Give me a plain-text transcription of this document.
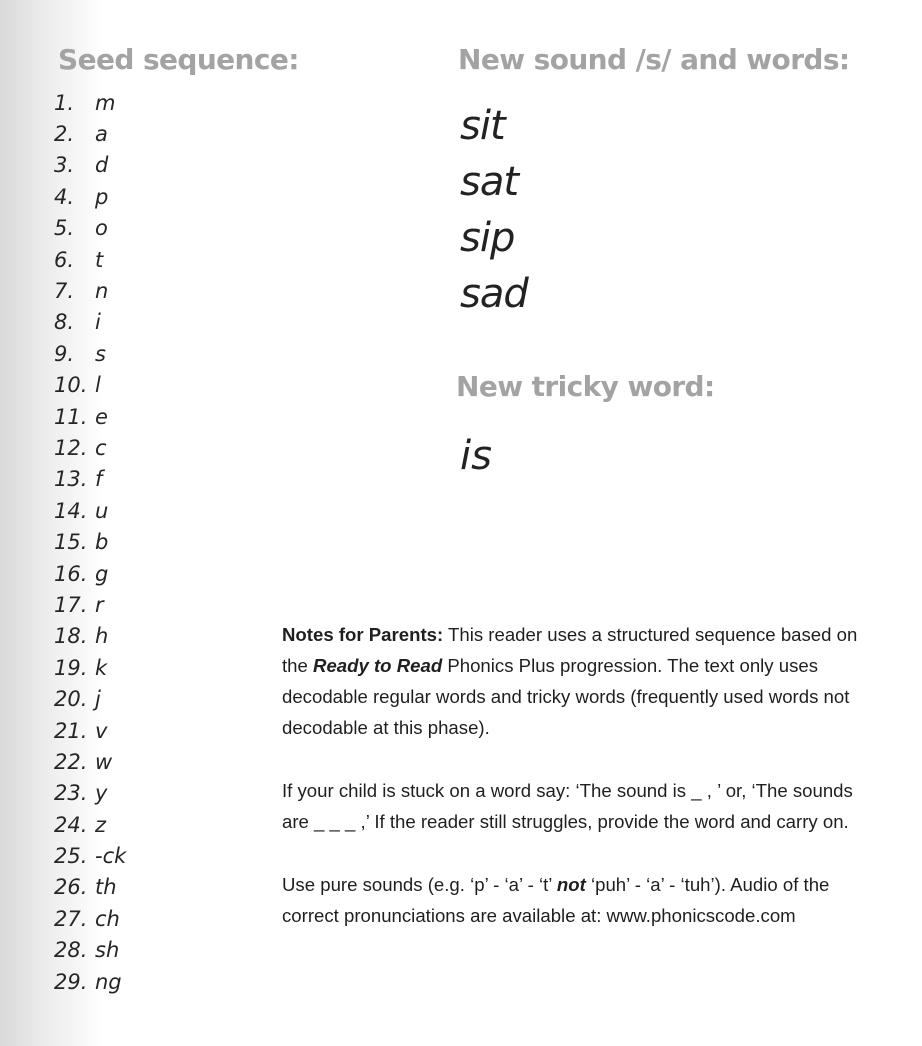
Seed sequence:
1. m
2. a
3. d
4. p
5. o
6. t
7. n
8. i
9. s
10. l
11. e
12. c
13. f
14. u
15. b
16. g
17. r
18. h
19. k
20. j
21. v
22. w
23. y
24. z
25. -ck
26. th
27. ch
28. sh
29. ng
New sound /s/ and words:
sit
sat
sip
sad
New tricky word:

is

Notes for Parents: This reader uses a structured sequence based on the Ready to Read Phonics Plus progression. The text only uses decodable regular words and tricky words (frequently used words not decodable at this phase).

If your child is stuck on a word say: ‘The sound is _ , ’ or, ‘The sounds are _ _ _ ,’ If the reader still struggles, provide the word and carry on.

Use pure sounds (e.g. ‘p’ - ‘a’ - ‘t’ not ‘puh’ - ‘a’ - ‘tuh’). Audio of the correct pronunciations are available at: www.phonicscode.com
